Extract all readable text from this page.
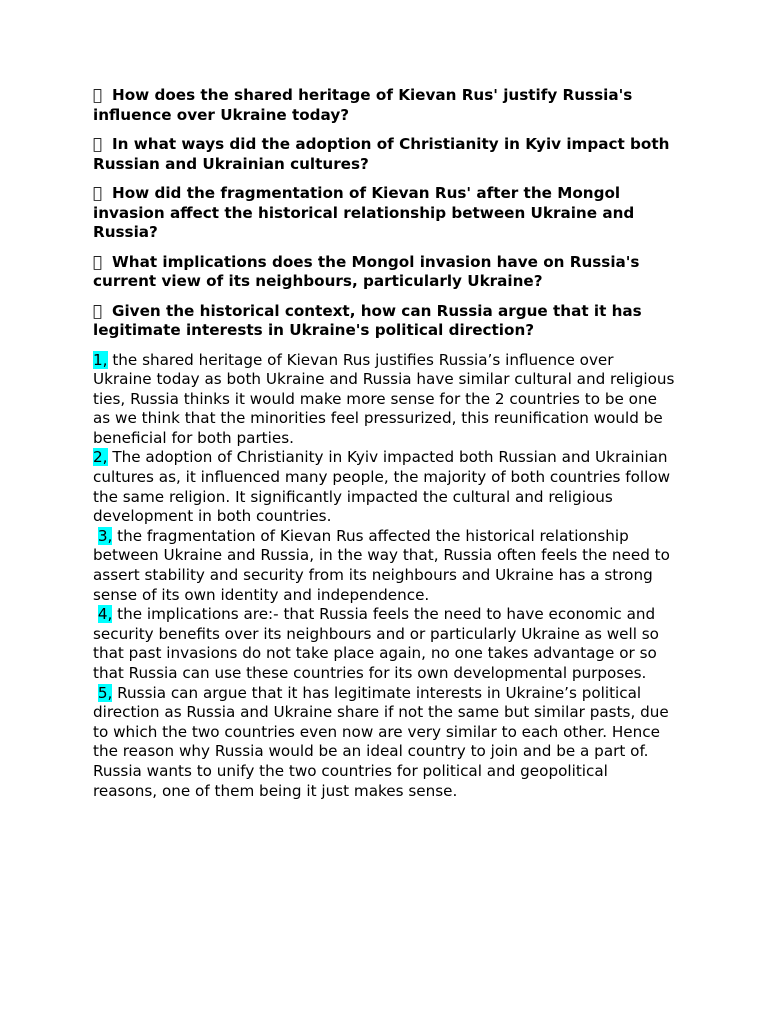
How does the shared heritage of Kievan Rus' justify Russia's influence over Ukraine today?
In what ways did the adoption of Christianity in Kyiv impact both Russian and Ukrainian cultures?
How did the fragmentation of Kievan Rus' after the Mongol invasion affect the historical relationship between Ukraine and Russia?
What implications does the Mongol invasion have on Russia's current view of its neighbours, particularly Ukraine?
Given the historical context, how can Russia argue that it has legitimate interests in Ukraine's political direction?

1, the shared heritage of Kievan Rus justifies Russia’s influence over Ukraine today as both Ukraine and Russia have similar cultural and religious ties, Russia thinks it would make more sense for the 2 countries to be one as we think that the minorities feel pressurized, this reunification would be beneficial for both parties.

2, The adoption of Christianity in Kyiv impacted both Russian and Ukrainian cultures as, it influenced many people, the majority of both countries follow the same religion. It significantly impacted the cultural and religious development in both countries.

3, the fragmentation of Kievan Rus affected the historical relationship between Ukraine and Russia, in the way that, Russia often feels the need to assert stability and security from its neighbours and Ukraine has a strong sense of its own identity and independence.

4, the implications are:- that Russia feels the need to have economic and security benefits over its neighbours and or particularly Ukraine as well so that past invasions do not take place again, no one takes advantage or so that Russia can use these countries for its own developmental purposes.

5, Russia can argue that it has legitimate interests in Ukraine’s political direction as Russia and Ukraine share if not the same but similar pasts, due to which the two countries even now are very similar to each other. Hence the reason why Russia would be an ideal country to join and be a part of. Russia wants to unify the two countries for political and geopolitical reasons, one of them being it just makes sense.
